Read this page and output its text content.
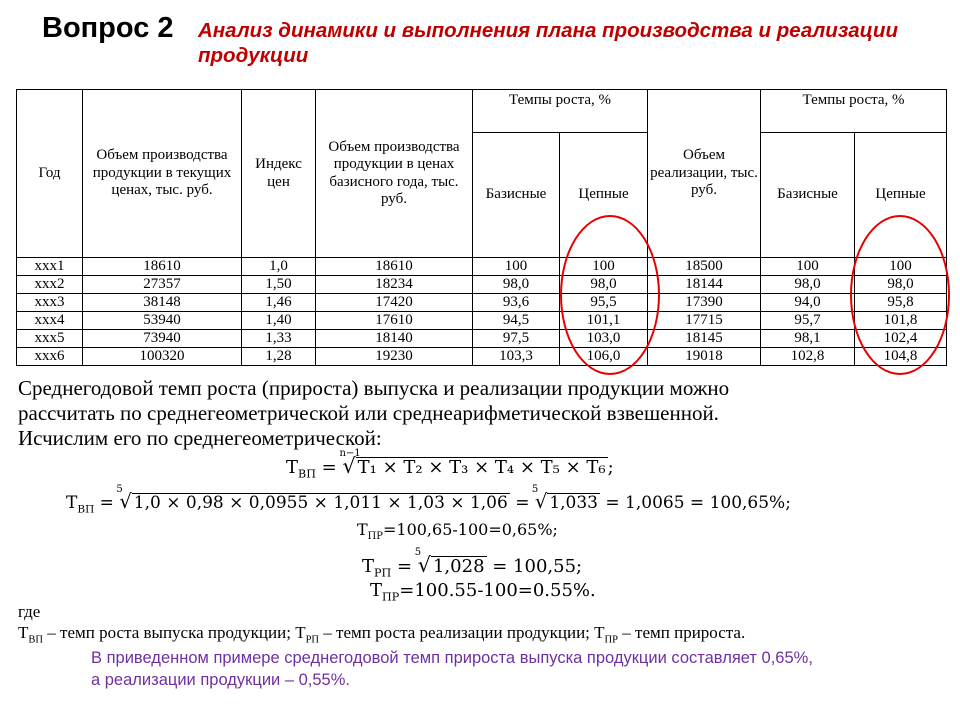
Вопрос 2 Анализ динамики и выполнения плана производства и реализации продукции
Год	Объем производства продукции в текущих ценах, тыс. руб.	Индекс цен	Объем производства продукции в ценах базисного года, тыс. руб.	Темпы роста, %		Объем реализации, тыс. руб.	Темпы роста, %	
				Базисные	Цепные		Базисные	Цепные
ххх1	18610	1,0	18610	100	100	18500	100	100
ххх2	27357	1,50	18234	98,0	98,0	18144	98,0	98,0
ххх3	38148	1,46	17420	93,6	95,5	17390	94,0	95,8
ххх4	53940	1,40	17610	94,5	101,1	17715	95,7	101,8
ххх5	73940	1,33	18140	97,5	103,0	18145	98,1	102,4
ххх6	100320	1,28	19230	103,3	106,0	19018	102,8	104,8
Среднегодовой темп роста (прироста) выпуска и реализации продукции можно
рассчитать по среднегеометрической или среднеарифметической взвешенной.
Исчислим его по среднегеометрической:
$Т_{ВП}$ =
n−1
√ T₁ × T₂ × T₃ × T₄ × T₅ × T₆ ;
$Т_{ВП}$ =
5
√ 1,0 × 0,98 × 0,0955 × 1,011 × 1,03 × 1,06 =
5
√ 1,033 = 1,0065 = 100,65%;
$Т_{ПР}=100,65-100=0,65\%$;
$Т_{РП}$ =
5
√ 1,028 = 100,55;
$Т_{ПР}=100.55-100=0.55\%$.
где
$Т_{ВП}$ – темп роста выпуска продукции; $Т_{РП}$ – темп роста реализации продукции; $Т_{ПР}$ – темп прироста.
В приведенном примере среднегодовой темп прироста выпуска продукции составляет 0,65%,
а реализации продукции – 0,55%.
